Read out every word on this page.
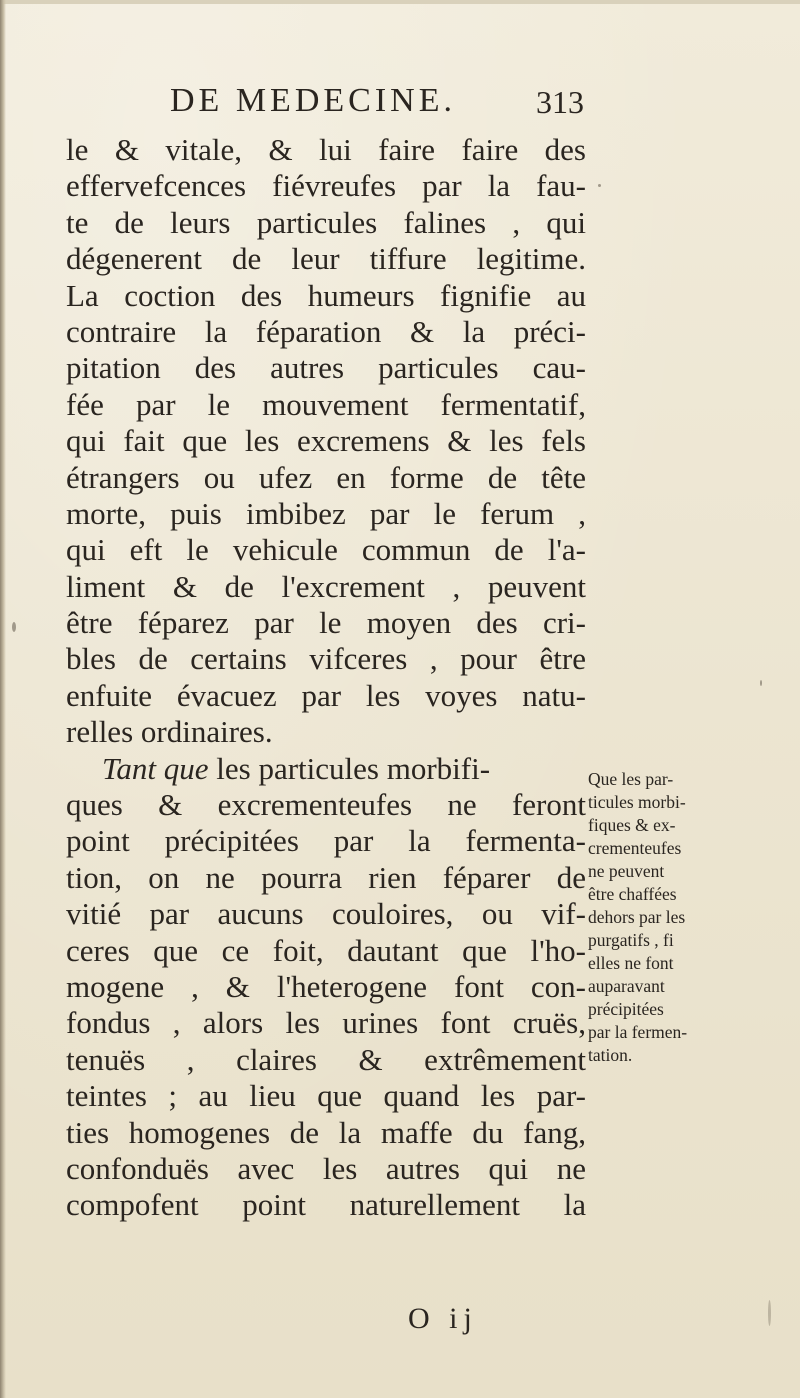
DE MEDECINE.	313
le & vitale, & lui faire faire des
effervefcences fiévreufes par la fau-
te de leurs particules falines , qui
dégenerent de leur tiffure legitime.
La coction des humeurs fignifie au
contraire la féparation & la préci-
pitation des autres particules cau-
fée par le mouvement fermentatif,
qui fait que les excremens & les fels
étrangers ou ufez en forme de tête
morte, puis imbibez par le ferum ,
qui eft le vehicule commun de l'a-
liment & de l'excrement , peuvent
être féparez par le moyen des cri-
bles de certains vifceres , pour être
enfuite évacuez par les voyes natu-
relles ordinaires.
Tant que les particules morbifi-
ques & excrementeufes ne feront
point précipitées par la fermenta-
tion, on ne pourra rien féparer de
vitié par aucuns couloires, ou vif-
ceres que ce foit, dautant que l'ho-
mogene , & l'heterogene font con-
fondus , alors les urines font cruës,
tenuës , claires & extrêmement
teintes ; au lieu que quand les par-
ties homogenes de la maffe du fang,
confonduës avec les autres qui ne
compofent point naturellement la
Que les par-
ticules morbi-
fiques & ex-
crementeufes
ne peuvent
être chaffées
dehors par les
purgatifs , fi
elles ne font
auparavant
précipitées
par la fermen-
tation.
O ij
